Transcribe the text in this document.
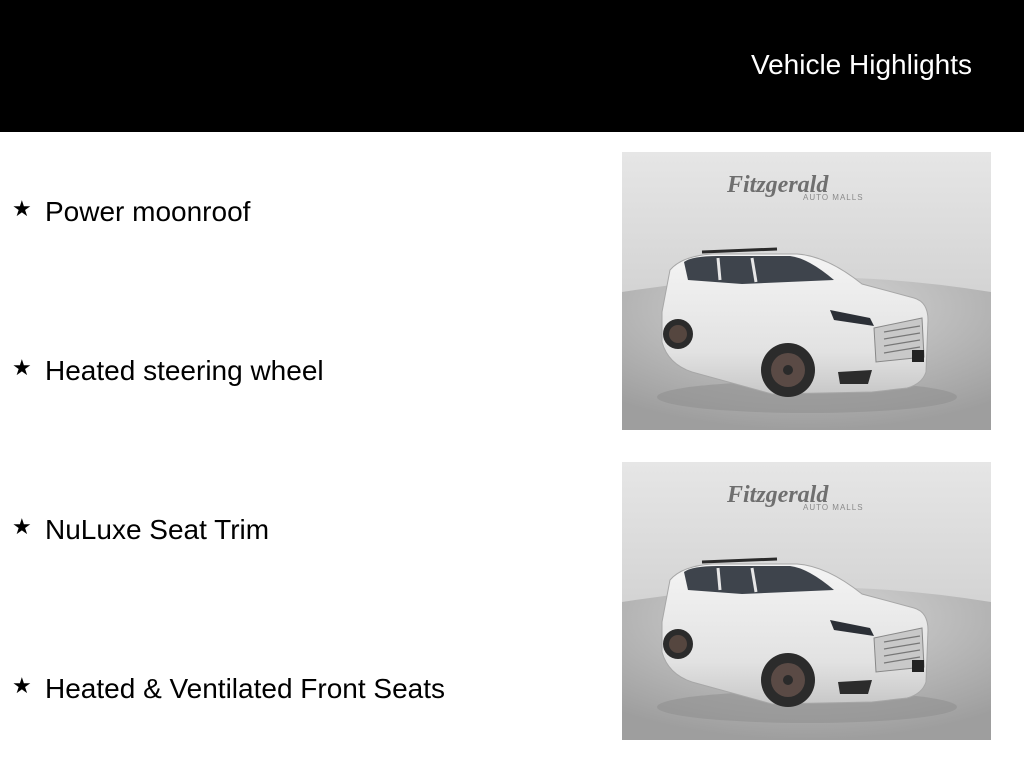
Vehicle Highlights
★ Power moonroof
★ Heated steering wheel
★ NuLuxe Seat Trim
★ Heated & Ventilated Front Seats
Fitzgerald
AUTO MALLS
Fitzgerald
AUTO MALLS
